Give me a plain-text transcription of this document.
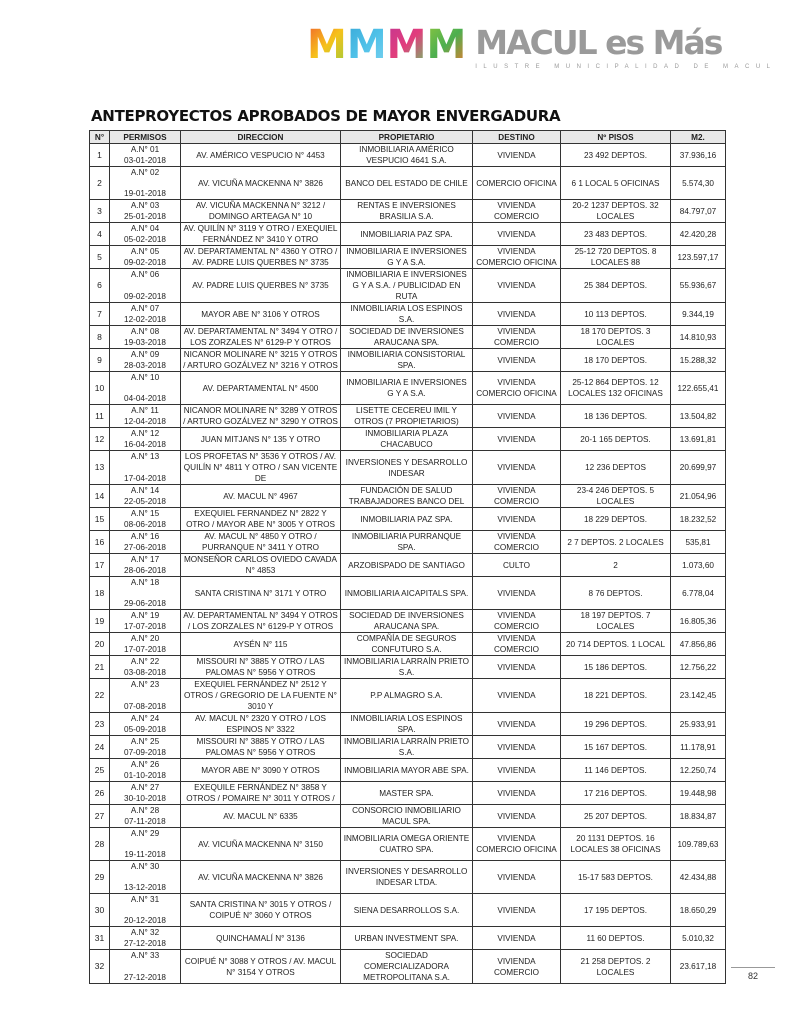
M M M M MACUL es Más
ILUSTRE MUNICIPALIDAD DE MACUL
ANTEPROYECTOS APROBADOS DE MAYOR ENVERGADURA
N°	PERMISOS	DIRECCION	PROPIETARIO	DESTINO	Nº PISOS	M2.
1	A.N° 01
03-01-2018	AV. AMÉRICO VESPUCIO N° 4453	INMOBILIARIA AMÉRICO VESPUCIO 4641 S.A.	VIVIENDA	23 492 DEPTOS.	37.936,16
2	A.N° 02
19-01-2018	AV. VICUÑA MACKENNA N° 3826	BANCO DEL ESTADO DE CHILE	COMERCIO OFICINA	6 1 LOCAL 5 OFICINAS	5.574,30
3	A.N° 03
25-01-2018	AV. VICUÑA MACKENNA N° 3212 / DOMINGO ARTEAGA N° 10	RENTAS E INVERSIONES BRASILIA S.A.	VIVIENDA COMERCIO	20-2 1237 DEPTOS. 32 LOCALES	84.797,07
4	A.N° 04
05-02-2018	AV. QUILÍN N° 3119 Y OTRO / EXEQUIEL FERNÁNDEZ N° 3410 Y OTRO	INMOBILIARIA PAZ SPA.	VIVIENDA	23 483 DEPTOS.	42.420,28
5	A.N° 05
09-02-2018	AV. DEPARTAMENTAL N° 4360 Y OTRO / AV. PADRE LUIS QUERBES N° 3735	INMOBILIARIA E INVERSIONES G Y A S.A.	VIVIENDA COMERCIO OFICINA	25-12 720 DEPTOS. 8 LOCALES 88	123.597,17
6	A.N° 06
09-02-2018	AV. PADRE LUIS QUERBES N° 3735	INMOBILIARIA E INVERSIONES G Y A S.A. / PUBLICIDAD EN RUTA	VIVIENDA	25 384 DEPTOS.	55.936,67
7	A.N° 07
12-02-2018	MAYOR ABE N° 3106 Y OTROS	INMOBILIARIA LOS ESPINOS S.A.	VIVIENDA	10 113 DEPTOS.	9.344,19
8	A.N° 08
19-03-2018	AV. DEPARTAMENTAL N° 3494 Y OTRO / LOS ZORZALES N° 6129-P Y OTROS	SOCIEDAD DE INVERSIONES ARAUCANA SPA.	VIVIENDA COMERCIO	18 170 DEPTOS. 3 LOCALES	14.810,93
9	A.N° 09
28-03-2018	NICANOR MOLINARE N° 3215 Y OTROS / ARTURO GOZÁLVEZ N° 3216 Y OTROS	INMOBILIARIA CONSISTORIAL SPA.	VIVIENDA	18 170 DEPTOS.	15.288,32
10	A.N° 10
04-04-2018	AV. DEPARTAMENTAL N° 4500	INMOBILIARIA E INVERSIONES G Y A S.A.	VIVIENDA COMERCIO OFICINA	25-12 864 DEPTOS. 12 LOCALES 132 OFICINAS	122.655,41
11	A.N° 11
12-04-2018	NICANOR MOLINARE N° 3289 Y OTROS / ARTURO GOZÁLVEZ N° 3290 Y OTROS	LISETTE CECEREU IMIL Y OTROS (7 PROPIETARIOS)	VIVIENDA	18 136 DEPTOS.	13.504,82
12	A.N° 12
16-04-2018	JUAN MITJANS N° 135 Y OTRO	INMOBILIARIA PLAZA CHACABUCO	VIVIENDA	20-1 165 DEPTOS.	13.691,81
13	A.N° 13
17-04-2018	LOS PROFETAS N° 3536 Y OTROS / AV. QUILÍN N° 4811 Y OTRO / SAN VICENTE DE	INVERSIONES Y DESARROLLO INDESAR	VIVIENDA	12 236 DEPTOS	20.699,97
14	A.N° 14
22-05-2018	AV. MACUL N° 4967	FUNDACIÓN DE SALUD TRABAJADORES BANCO DEL	VIVIENDA COMERCIO	23-4 246 DEPTOS. 5 LOCALES	21.054,96
15	A.N° 15
08-06-2018	EXEQUIEL FERNANDEZ N° 2822 Y OTRO / MAYOR ABE N° 3005 Y OTROS	INMOBILIARIA PAZ SPA.	VIVIENDA	18 229 DEPTOS.	18.232,52
16	A.N° 16
27-06-2018	AV. MACUL N° 4850 Y OTRO / PURRANQUE N° 3411 Y OTRO	INMOBILIARIA PURRANQUE SPA.	VIVIENDA COMERCIO	2 7 DEPTOS. 2 LOCALES	535,81
17	A.N° 17
28-06-2018	MONSEÑOR CARLOS OVIEDO CAVADA N° 4853	ARZOBISPADO DE SANTIAGO	CULTO	2	1.073,60
18	A.N° 18
29-06-2018	SANTA CRISTINA N° 3171 Y OTRO	INMOBILIARIA AICAPITALS SPA.	VIVIENDA	8 76 DEPTOS.	6.778,04
19	A.N° 19
17-07-2018	AV. DEPARTAMENTAL N° 3494 Y OTROS / LOS ZORZALES N° 6129-P Y OTROS	SOCIEDAD DE INVERSIONES ARAUCANA SPA.	VIVIENDA COMERCIO	18 197 DEPTOS. 7 LOCALES	16.805,36
20	A.N° 20
17-07-2018	AYSÉN N° 115	COMPAÑÍA DE SEGUROS CONFUTURO S.A.	VIVIENDA COMERCIO	20 714 DEPTOS. 1 LOCAL	47.856,86
21	A.N° 22
03-08-2018	MISSOURI N° 3885 Y OTRO / LAS PALOMAS N° 5956 Y OTROS	INMOBILIARIA LARRAÍN PRIETO S.A.	VIVIENDA	15 186 DEPTOS.	12.756,22
22	A.N° 23
07-08-2018	EXEQUIEL FERNÁNDEZ N° 2512 Y OTROS / GREGORIO DE LA FUENTE N° 3010 Y	P.P ALMAGRO S.A.	VIVIENDA	18 221 DEPTOS.	23.142,45
23	A.N° 24
05-09-2018	AV. MACUL N° 2320 Y OTRO / LOS ESPINOS N° 3322	INMOBILIARIA LOS ESPINOS SPA.	VIVIENDA	19 296 DEPTOS.	25.933,91
24	A.N° 25
07-09-2018	MISSOURI N° 3885 Y OTRO / LAS PALOMAS N° 5956 Y OTROS	INMOBILIARIA LARRAÍN PRIETO S.A.	VIVIENDA	15 167 DEPTOS.	11.178,91
25	A.N° 26
01-10-2018	MAYOR ABE N° 3090 Y OTROS	INMOBILIARIA MAYOR ABE SPA.	VIVIENDA	11 146 DEPTOS.	12.250,74
26	A.N° 27
30-10-2018	EXEQUILE FERNÁNDEZ N° 3858 Y OTROS / POMAIRE N° 3011 Y OTROS /	MASTER SPA.	VIVIENDA	17 216 DEPTOS.	19.448,98
27	A.N° 28
07-11-2018	AV. MACUL N° 6335	CONSORCIO INMOBILIARIO MACUL SPA.	VIVIENDA	25 207 DEPTOS.	18.834,87
28	A.N° 29
19-11-2018	AV. VICUÑA MACKENNA N° 3150	INMOBILIARIA OMEGA ORIENTE CUATRO SPA.	VIVIENDA COMERCIO OFICINA	20 1131 DEPTOS. 16 LOCALES 38 OFICINAS	109.789,63
29	A.N° 30
13-12-2018	AV. VICUÑA MACKENNA N° 3826	INVERSIONES Y DESARROLLO INDESAR LTDA.	VIVIENDA	15-17 583 DEPTOS.	42.434,88
30	A.N° 31
20-12-2018	SANTA CRISTINA N° 3015 Y OTROS / COIPUÉ N° 3060 Y OTROS	SIENA DESARROLLOS S.A.	VIVIENDA	17 195 DEPTOS.	18.650,29
31	A.N° 32
27-12-2018	QUINCHAMALÍ N° 3136	URBAN INVESTMENT SPA.	VIVIENDA	11 60 DEPTOS.	5.010,32
32	A.N° 33
27-12-2018	COIPUÉ N° 3088 Y OTROS / AV. MACUL N° 3154 Y OTROS	SOCIEDAD COMERCIALIZADORA METROPOLITANA S.A.	VIVIENDA COMERCIO	21 258 DEPTOS. 2 LOCALES	23.617,18
82
